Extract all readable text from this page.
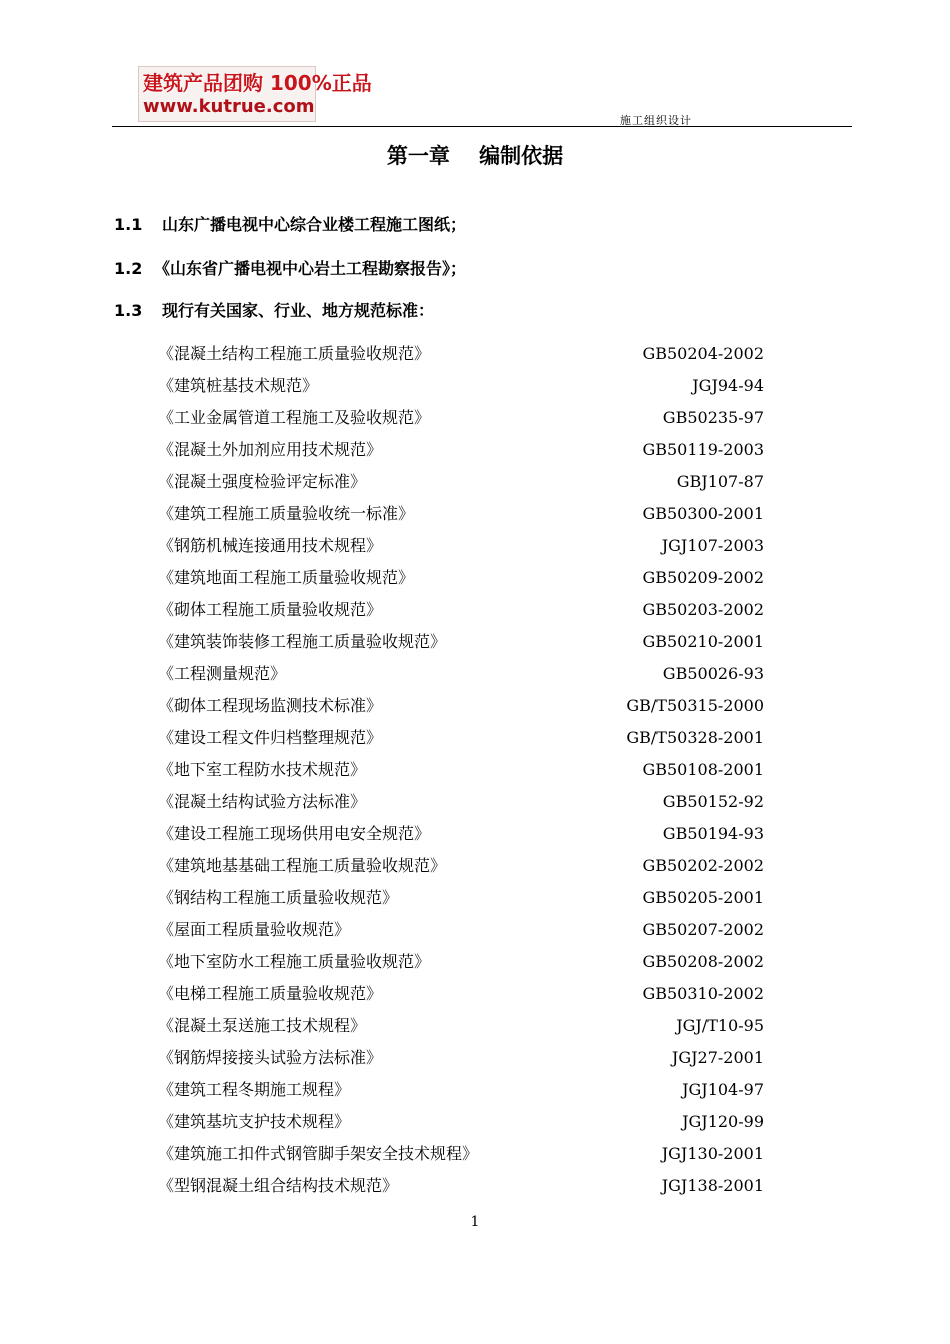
建筑产品团购 100%正品
www.kutrue.com
施工组织设计
第一章    编制依据
1.1 山东广播电视中心综合业楼工程施工图纸；
1.2 《山东省广播电视中心岩土工程勘察报告》；
1.3 现行有关国家、行业、地方规范标准：
《混凝土结构工程施工质量验收规范》	GB50204-2002
《建筑桩基技术规范》	JGJ94-94
《工业金属管道工程施工及验收规范》	GB50235-97
《混凝土外加剂应用技术规范》	GB50119-2003
《混凝土强度检验评定标准》	GBJ107-87
《建筑工程施工质量验收统一标准》	GB50300-2001
《钢筋机械连接通用技术规程》	JGJ107-2003
《建筑地面工程施工质量验收规范》	GB50209-2002
《砌体工程施工质量验收规范》	GB50203-2002
《建筑装饰装修工程施工质量验收规范》	GB50210-2001
《工程测量规范》	GB50026-93
《砌体工程现场监测技术标准》	GB/T50315-2000
《建设工程文件归档整理规范》	GB/T50328-2001
《地下室工程防水技术规范》	GB50108-2001
《混凝土结构试验方法标准》	GB50152-92
《建设工程施工现场供用电安全规范》	GB50194-93
《建筑地基基础工程施工质量验收规范》	GB50202-2002
《钢结构工程施工质量验收规范》	GB50205-2001
《屋面工程质量验收规范》	GB50207-2002
《地下室防水工程施工质量验收规范》	GB50208-2002
《电梯工程施工质量验收规范》	GB50310-2002
《混凝土泵送施工技术规程》	JGJ/T10-95
《钢筋焊接接头试验方法标准》	JGJ27-2001
《建筑工程冬期施工规程》	JGJ104-97
《建筑基坑支护技术规程》	JGJ120-99
《建筑施工扣件式钢管脚手架安全技术规程》	JGJ130-2001
《型钢混凝土组合结构技术规范》	JGJ138-2001
1
